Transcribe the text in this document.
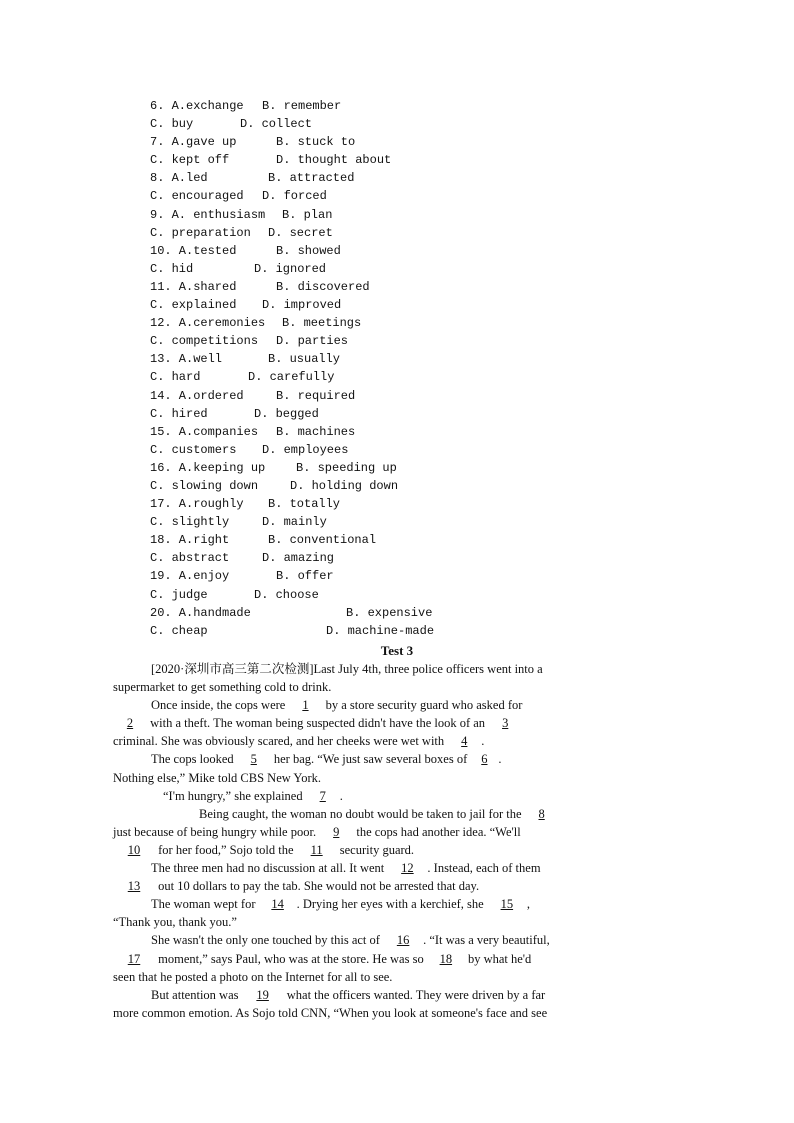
6. A.exchange B. remember
C. buy	D. collect
7. A.gave up	B. stuck to
C. kept off	D. thought about
8. A.led	B. attracted
C. encouraged D. forced
9. A. enthusiasm B. plan
C. preparation D. secret
10. A.tested	B. showed
C. hid	D. ignored
11. A.shared	B. discovered
C. explained D. improved
12. A.ceremonies B. meetings
C. competitions D. parties
13. A.well	B. usually
C. hard	D. carefully
14. A.ordered	B. required
C. hired	D. begged
15. A.companies B. machines
C. customers D. employees
16. A.keeping up	B. speeding up
C. slowing down	D. holding down
17. A.roughly B. totally
C. slightly	D. mainly
18. A.right	B. conventional
C. abstract	D. amazing
19. A.enjoy	B. offer
C. judge	D. choose
20. A.handmade	B. expensive
C. cheap	D. machine-made
Test 3
[2020·深圳市高三第二次检测]Last July 4th, three police officers went into a
supermarket to get something cold to drink.
Once inside, the cops were 1 by a store security guard who asked for
2 with a theft. The woman being suspected didn't have the look of an 3
criminal. She was obviously scared, and her cheeks were wet with 4 .
The cops looked 5 her bag. “We just saw several boxes of 6 .
Nothing else,” Mike told CBS New York.
“I'm hungry,” she explained 7 .
Being caught, the woman no doubt would be taken to jail for the 8
just because of being hungry while poor. 9 the cops had another idea. “We'll
10 for her food,” Sojo told the 11 security guard.
The three men had no discussion at all. It went 12 . Instead, each of them
13 out 10 dollars to pay the tab. She would not be arrested that day.
The woman wept for 14 . Drying her eyes with a kerchief, she 15 ,
“Thank you, thank you.”
She wasn't the only one touched by this act of 16 . “It was a very beautiful,
17 moment,” says Paul, who was at the store. He was so 18 by what he'd
seen that he posted a photo on the Internet for all to see.
But attention was 19 what the officers wanted. They were driven by a far
more common emotion. As Sojo told CNN, “When you look at someone's face and see
